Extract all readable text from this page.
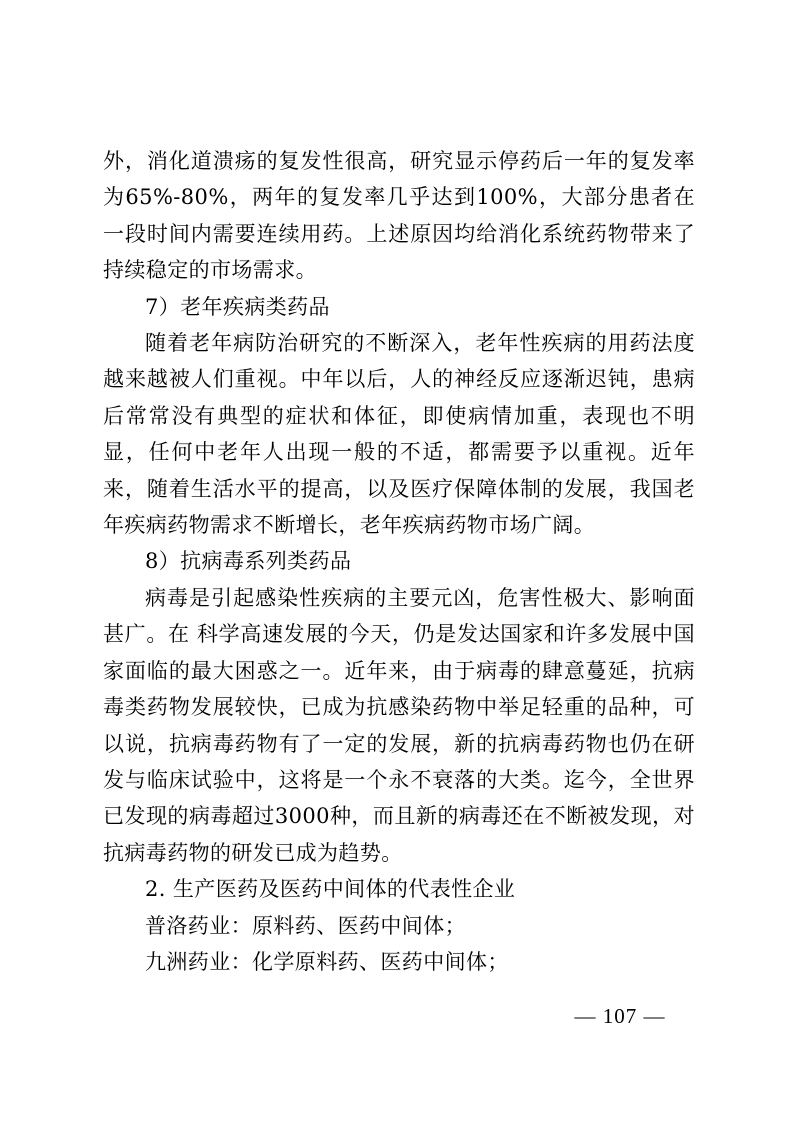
外，消化道溃疡的复发性很高，研究显示停药后一年的复发率为65%-80%，两年的复发率几乎达到100%，大部分患者在一段时间内需要连续用药。上述原因均给消化系统药物带来了持续稳定的市场需求。

7）老年疾病类药品

随着老年病防治研究的不断深入，老年性疾病的用药法度越来越被人们重视。中年以后，人的神经反应逐渐迟钝，患病后常常没有典型的症状和体征，即使病情加重，表现也不明显，任何中老年人出现一般的不适，都需要予以重视。近年来，随着生活水平的提高，以及医疗保障体制的发展，我国老年疾病药物需求不断增长，老年疾病药物市场广阔。

8）抗病毒系列类药品

病毒是引起感染性疾病的主要元凶，危害性极大、影响面甚广。在 科学高速发展的今天，仍是发达国家和许多发展中国家面临的最大困惑之一。近年来，由于病毒的肆意蔓延，抗病毒类药物发展较快，已成为抗感染药物中举足轻重的品种，可以说，抗病毒药物有了一定的发展，新的抗病毒药物也仍在研发与临床试验中，这将是一个永不衰落的大类。迄今，全世界已发现的病毒超过3000种，而且新的病毒还在不断被发现，对抗病毒药物的研发已成为趋势。

2. 生产医药及医药中间体的代表性企业

普洛药业：原料药、医药中间体；

九洲药业：化学原料药、医药中间体；

— 107 —
